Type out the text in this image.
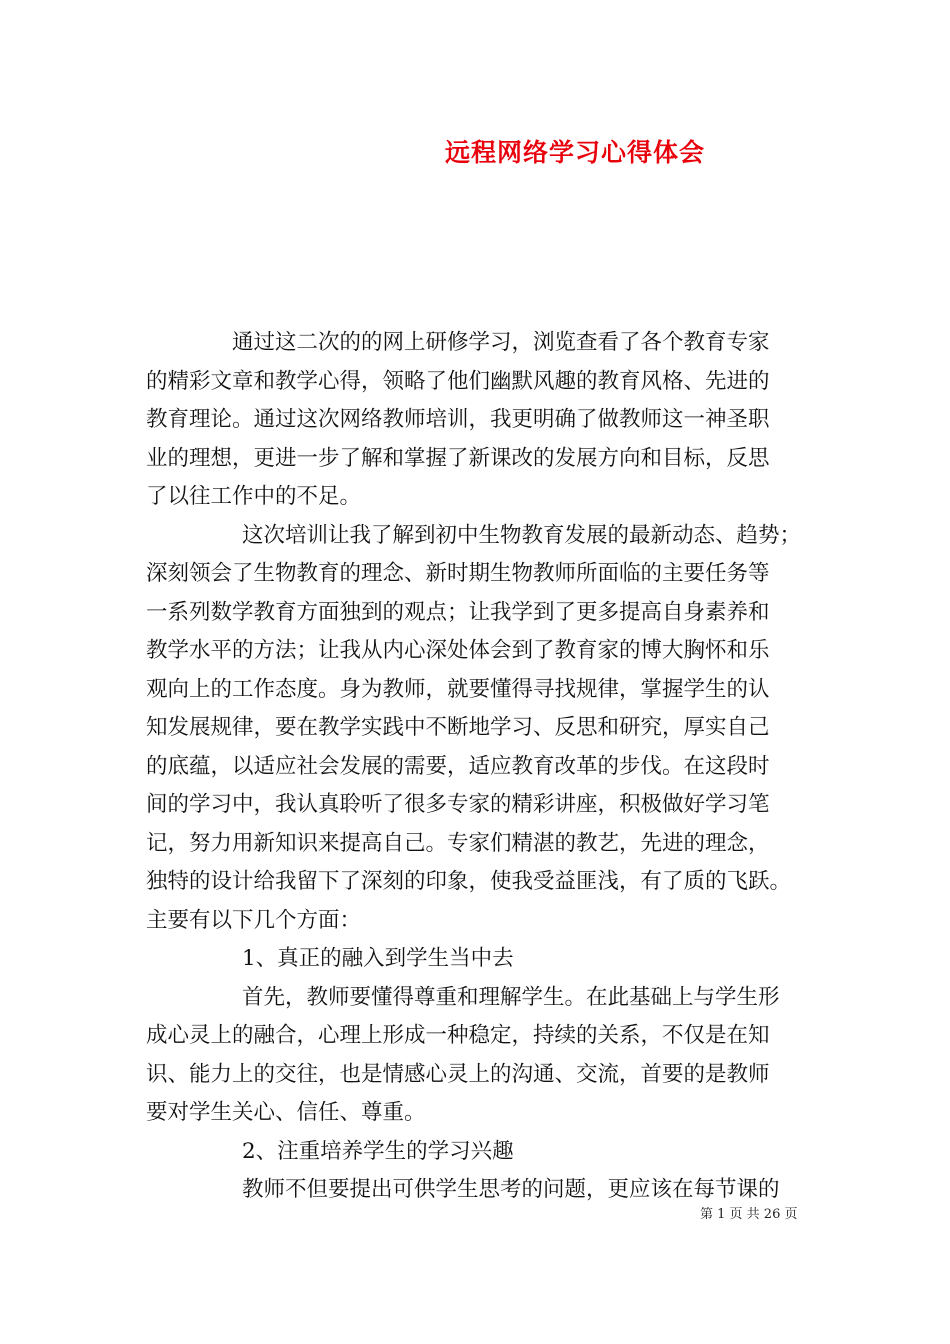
远程网络学习心得体会
通过这二次的的网上研修学习，浏览查看了各个教育专家
的精彩文章和教学心得，领略了他们幽默风趣的教育风格、先进的
教育理论。通过这次网络教师培训，我更明确了做教师这一神圣职
业的理想，更进一步了解和掌握了新课改的发展方向和目标，反思
了以往工作中的不足。
这次培训让我了解到初中生物教育发展的最新动态、趋势；
深刻领会了生物教育的理念、新时期生物教师所面临的主要任务等
一系列数学教育方面独到的观点；让我学到了更多提高自身素养和
教学水平的方法；让我从内心深处体会到了教育家的博大胸怀和乐
观向上的工作态度。身为教师，就要懂得寻找规律，掌握学生的认
知发展规律，要在教学实践中不断地学习、反思和研究，厚实自己
的底蕴，以适应社会发展的需要，适应教育改革的步伐。在这段时
间的学习中，我认真聆听了很多专家的精彩讲座，积极做好学习笔
记，努力用新知识来提高自己。专家们精湛的教艺，先进的理念，
独特的设计给我留下了深刻的印象，使我受益匪浅，有了质的飞跃。
主要有以下几个方面：
1、真正的融入到学生当中去
首先，教师要懂得尊重和理解学生。在此基础上与学生形
成心灵上的融合，心理上形成一种稳定，持续的关系，不仅是在知
识、能力上的交往，也是情感心灵上的沟通、交流，首要的是教师
要对学生关心、信任、尊重。
2、注重培养学生的学习兴趣
教师不但要提出可供学生思考的问题，更应该在每节课的
第 1 页 共 26 页
